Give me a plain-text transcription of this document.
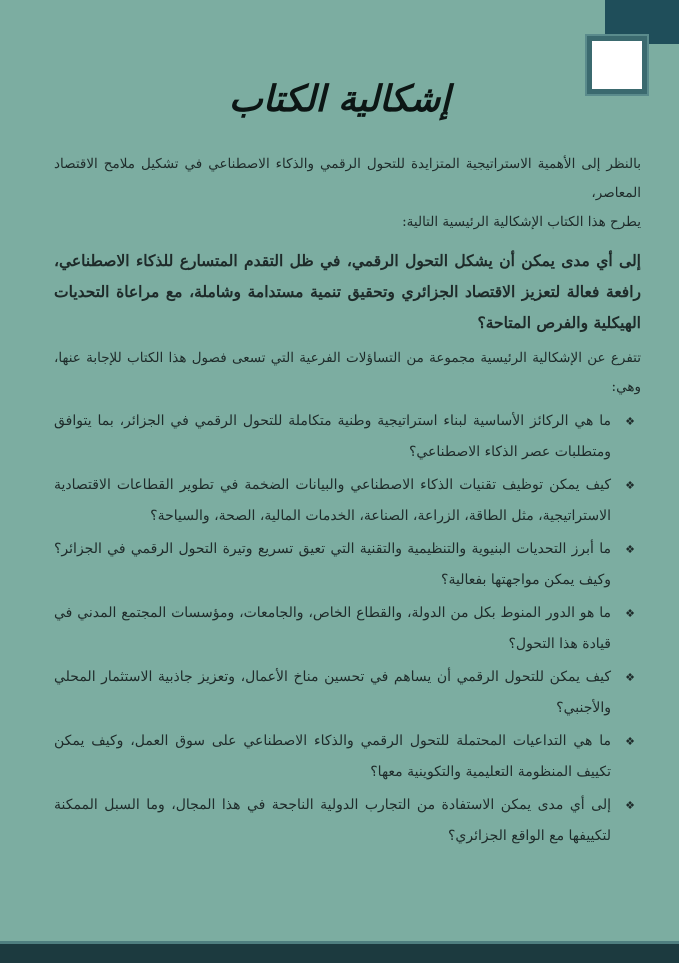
إشكالية الكتاب

بالنظر إلى الأهمية الاستراتيجية المتزايدة للتحول الرقمي والذكاء الاصطناعي في تشكيل ملامح الاقتصاد المعاصر،
يطرح هذا الكتاب الإشكالية الرئيسية التالية:

إلى أي مدى يمكن أن يشكل التحول الرقمي، في ظل التقدم المتسارع للذكاء الاصطناعي، رافعة فعالة لتعزيز الاقتصاد الجزائري وتحقيق تنمية مستدامة وشاملة، مع مراعاة التحديات الهيكلية والفرص المتاحة؟

تتفرع عن الإشكالية الرئيسية مجموعة من التساؤلات الفرعية التي تسعى فصول هذا الكتاب للإجابة عنها، وهي:

❖
ما هي الركائز الأساسية لبناء استراتيجية وطنية متكاملة للتحول الرقمي في الجزائر، بما يتوافق ومتطلبات عصر الذكاء الاصطناعي؟
❖
كيف يمكن توظيف تقنيات الذكاء الاصطناعي والبيانات الضخمة في تطوير القطاعات الاقتصادية الاستراتيجية، مثل الطاقة، الزراعة، الصناعة، الخدمات المالية، الصحة، والسياحة؟
❖
ما أبرز التحديات البنيوية والتنظيمية والتقنية التي تعيق تسريع وتيرة التحول الرقمي في الجزائر؟ وكيف يمكن مواجهتها بفعالية؟
❖
ما هو الدور المنوط بكل من الدولة، والقطاع الخاص، والجامعات، ومؤسسات المجتمع المدني في قيادة هذا التحول؟
❖
كيف يمكن للتحول الرقمي أن يساهم في تحسين مناخ الأعمال، وتعزيز جاذبية الاستثمار المحلي والأجنبي؟
❖
ما هي التداعيات المحتملة للتحول الرقمي والذكاء الاصطناعي على سوق العمل، وكيف يمكن تكييف المنظومة التعليمية والتكوينية معها؟
❖
إلى أي مدى يمكن الاستفادة من التجارب الدولية الناجحة في هذا المجال، وما السبل الممكنة لتكييفها مع الواقع الجزائري؟
